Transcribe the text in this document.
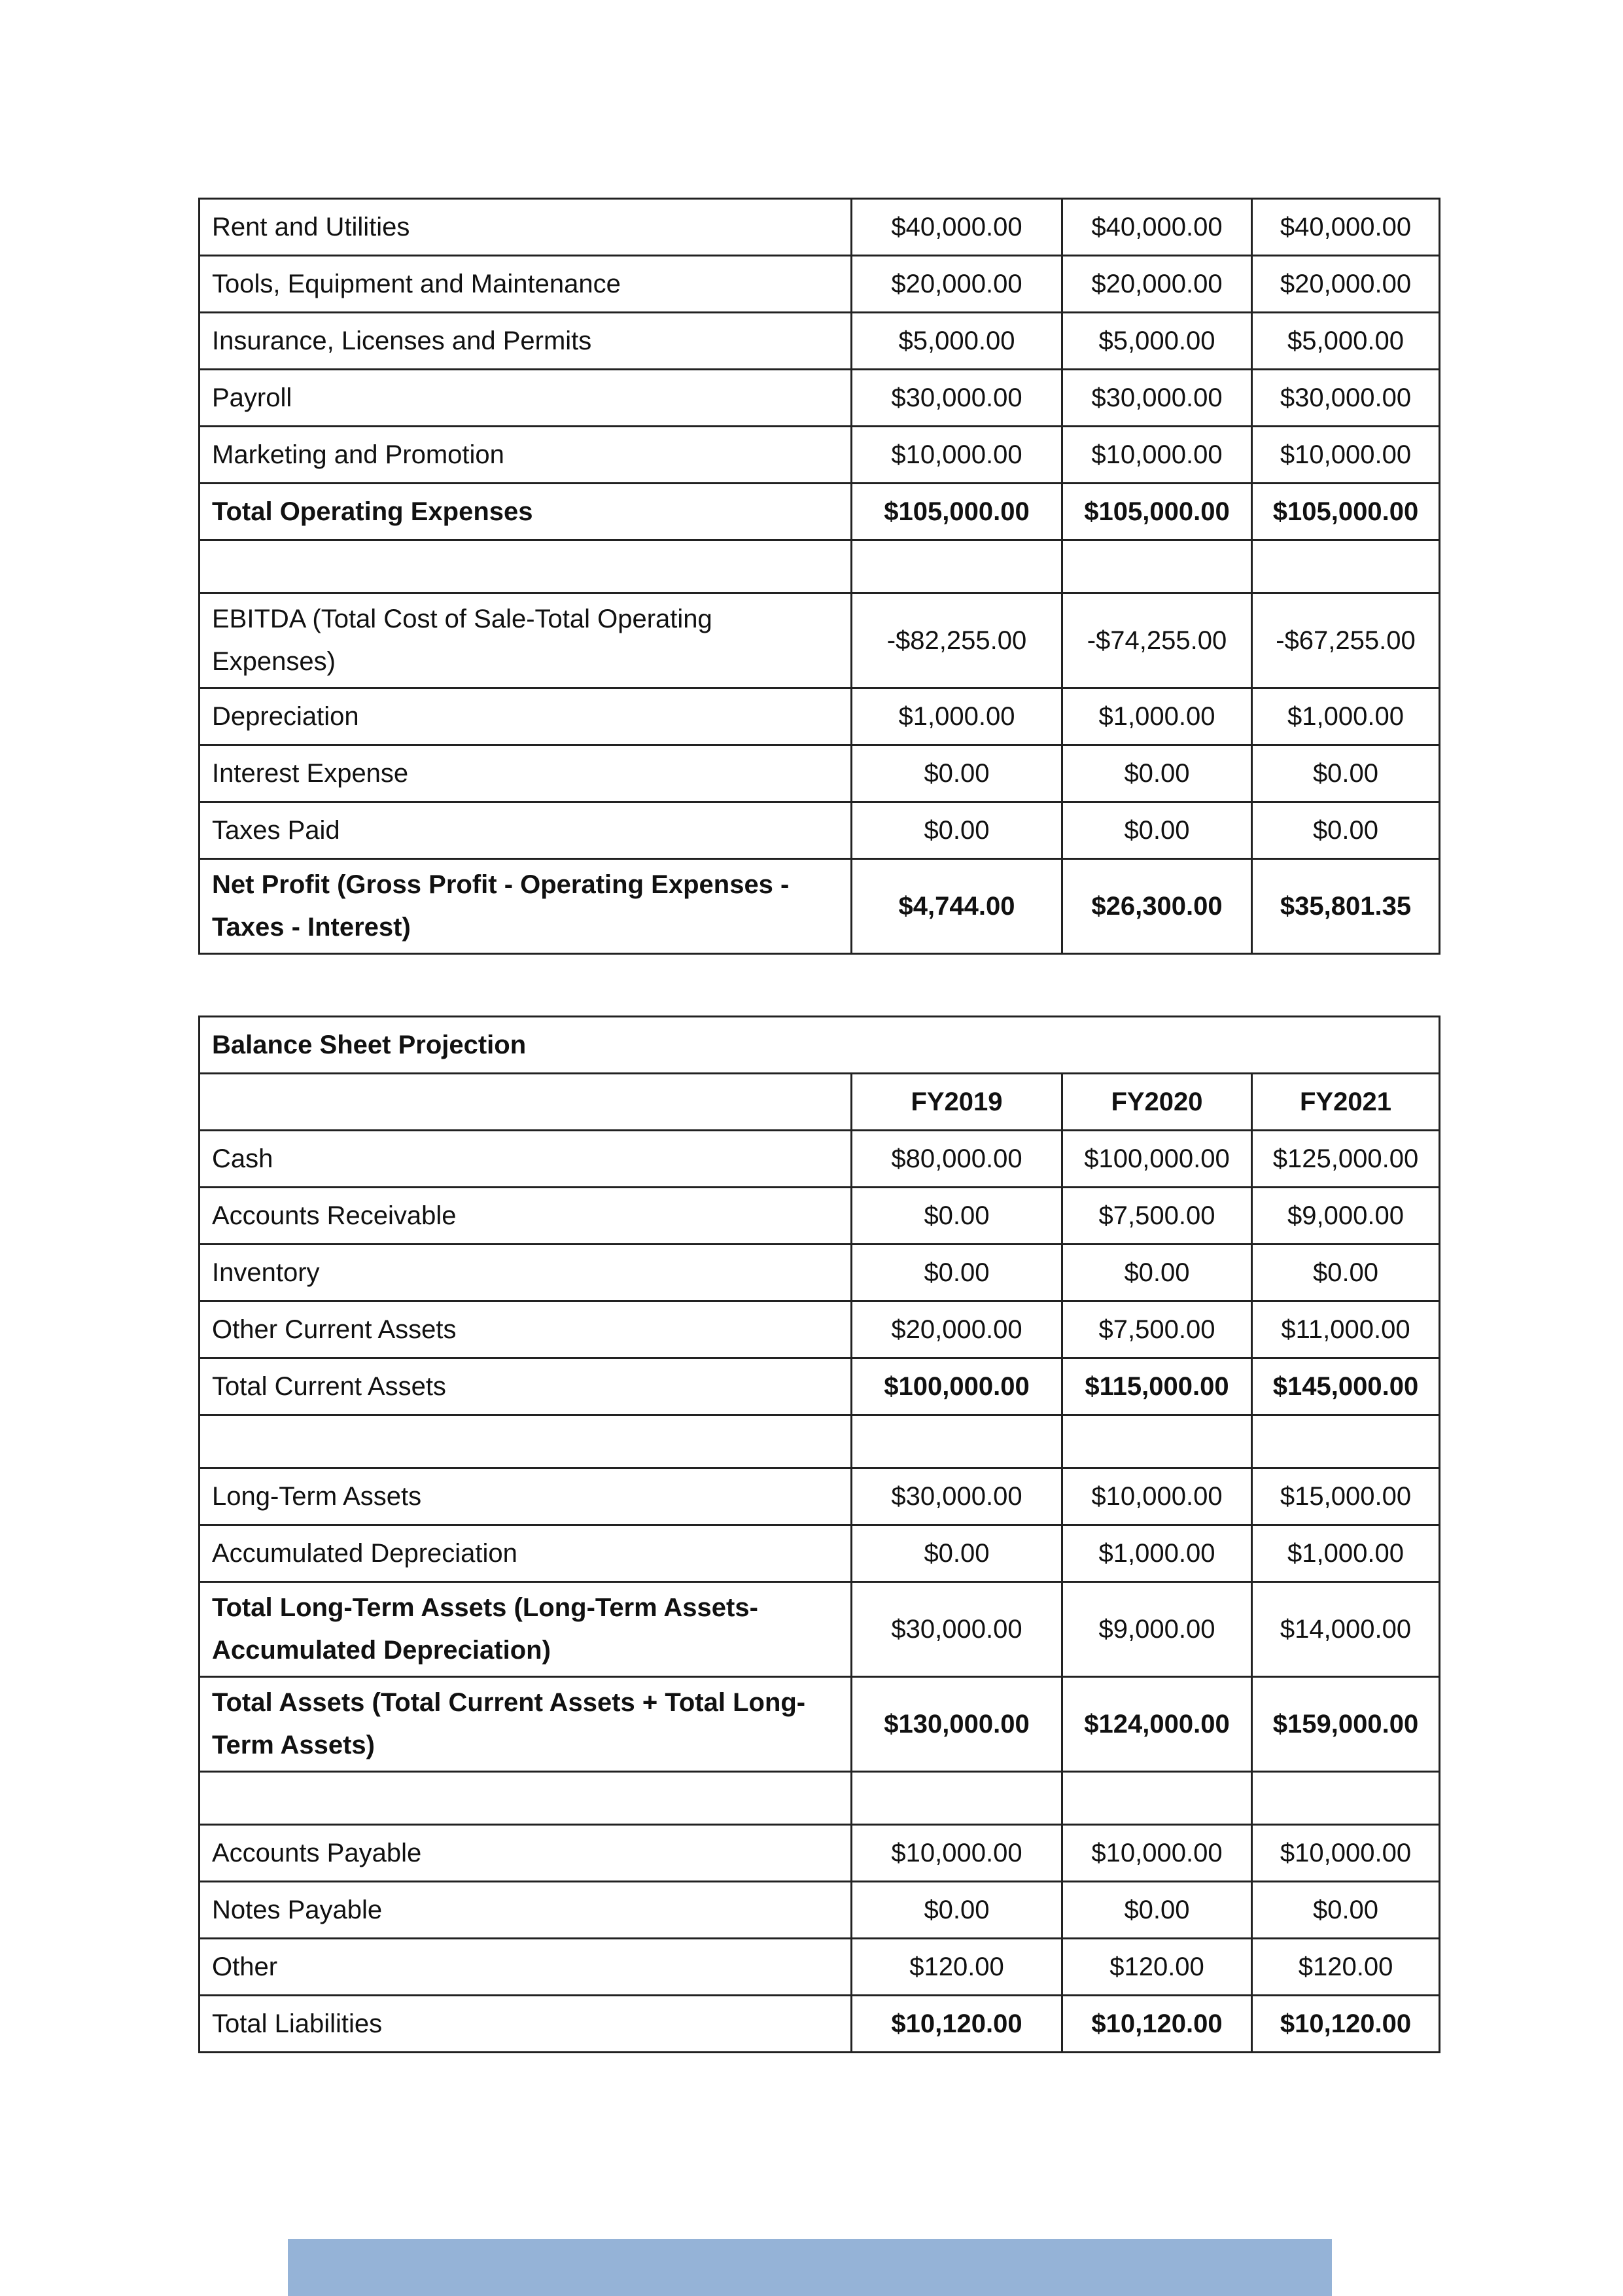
Rent and Utilities	$40,000.00	$40,000.00	$40,000.00
Tools, Equipment and Maintenance	$20,000.00	$20,000.00	$20,000.00
Insurance, Licenses and Permits	$5,000.00	$5,000.00	$5,000.00
Payroll	$30,000.00	$30,000.00	$30,000.00
Marketing and Promotion	$10,000.00	$10,000.00	$10,000.00
Total Operating Expenses	$105,000.00	$105,000.00	$105,000.00

EBITDA (Total Cost of Sale-Total Operating Expenses)	-$82,255.00	-$74,255.00	-$67,255.00
Depreciation	$1,000.00	$1,000.00	$1,000.00
Interest Expense	$0.00	$0.00	$0.00
Taxes Paid	$0.00	$0.00	$0.00
Net Profit (Gross Profit - Operating Expenses - Taxes - Interest)	$4,744.00	$26,300.00	$35,801.35
Balance Sheet Projection			
	FY2019	FY2020	FY2021
Cash	$80,000.00	$100,000.00	$125,000.00
Accounts Receivable	$0.00	$7,500.00	$9,000.00
Inventory	$0.00	$0.00	$0.00
Other Current Assets	$20,000.00	$7,500.00	$11,000.00
Total Current Assets	$100,000.00	$115,000.00	$145,000.00

Long-Term Assets	$30,000.00	$10,000.00	$15,000.00
Accumulated Depreciation	$0.00	$1,000.00	$1,000.00
Total Long-Term Assets (Long-Term Assets-Accumulated Depreciation)	$30,000.00	$9,000.00	$14,000.00
Total Assets (Total Current Assets + Total Long-Term Assets)	$130,000.00	$124,000.00	$159,000.00

Accounts Payable	$10,000.00	$10,000.00	$10,000.00
Notes Payable	$0.00	$0.00	$0.00
Other	$120.00	$120.00	$120.00
Total Liabilities	$10,120.00	$10,120.00	$10,120.00
